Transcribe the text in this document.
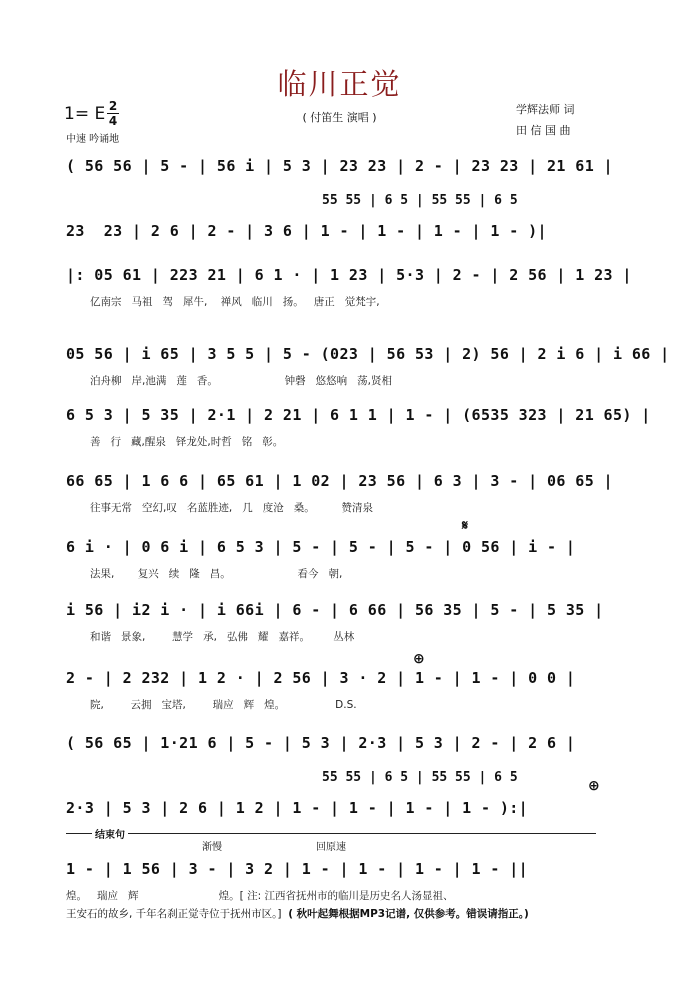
临川正觉
( 付笛生 演唱 )
1= E 2
4
中速 吟诵地
学辉法师 词
田 信 国 曲
( 56 56 | 5 - | 56 i | 5 3 | 23 23 | 2 - | 23 23 | 21 61 |
55 55 | 6 5 | 55 55 | 6 5
23  23 | 2 6 | 2 - | 3 6 | 1 - | 1 - | 1 - | 1 - )|
|: 05 61 | 223 21 | 6 1 · | 1 23 | 5·3 | 2 - | 2 56 | 1 23 |
亿南宗   马祖   驾   犀牛,    禅风   临川   扬。   唐正   觉梵宇,
05 56 | i 65 | 3 5 5 | 5 - (023 | 56 53 | 2) 56 | 2 i 6 | i 66 |
泊舟柳   岸,池满   莲   香。                    钟磬   悠悠响   荡,贤相
6 5 3 | 5 35 | 2·1 | 2 21 | 6 1 1 | 1 - | (6535 323 | 21 65) |
善   行   藏,醒泉   铎龙处,时哲   铭   彰。
66 65 | 1 6 6 | 65 61 | 1 02 | 23 56 | 6 3 | 3 - | 06 65 |
往事无常   空幻,叹   名蓝胜迹,   几   度沧   桑。        赞清泉
𝄋
6 i · | 0 6 i | 6 5 3 | 5 - | 5 - | 5 - | 0 56 | i - |
法果,       复兴   续   隆   昌。                    看今   朝,
i 56 | i2 i · | i 66i | 6 - | 6 66 | 56 35 | 5 - | 5 35 |
和谐   景象,        慧学   承,   弘佛   耀   嘉祥。       丛林
⊕
2 - | 2 232 | 1 2 · | 2 56 | 3 · 2 | 1 - | 1 - | 0 0 |
院,        云拥   宝塔,        瑞应   辉   煌。               D.S.
( 56 65 | 1·21 6 | 5 - | 5 3 | 2·3 | 5 3 | 2 - | 2 6 |
55 55 | 6 5 | 55 55 | 6 5
⊕
2·3 | 5 3 | 2 6 | 1 2 | 1 - | 1 - | 1 - | 1 - ):|
结束句
渐慢	回原速
1 - | 1 56 | 3 - | 3 2 | 1 - | 1 - | 1 - | 1 - ||
煌。   瑞应   辉                        煌。[ 注: 江西省抚州市的临川是历史名人汤显祖、
王安石的故乡, 千年名刹正觉寺位于抚州市区。]  ( 秋叶起舞根据MP3记谱, 仅供参考。错误请指正。)
